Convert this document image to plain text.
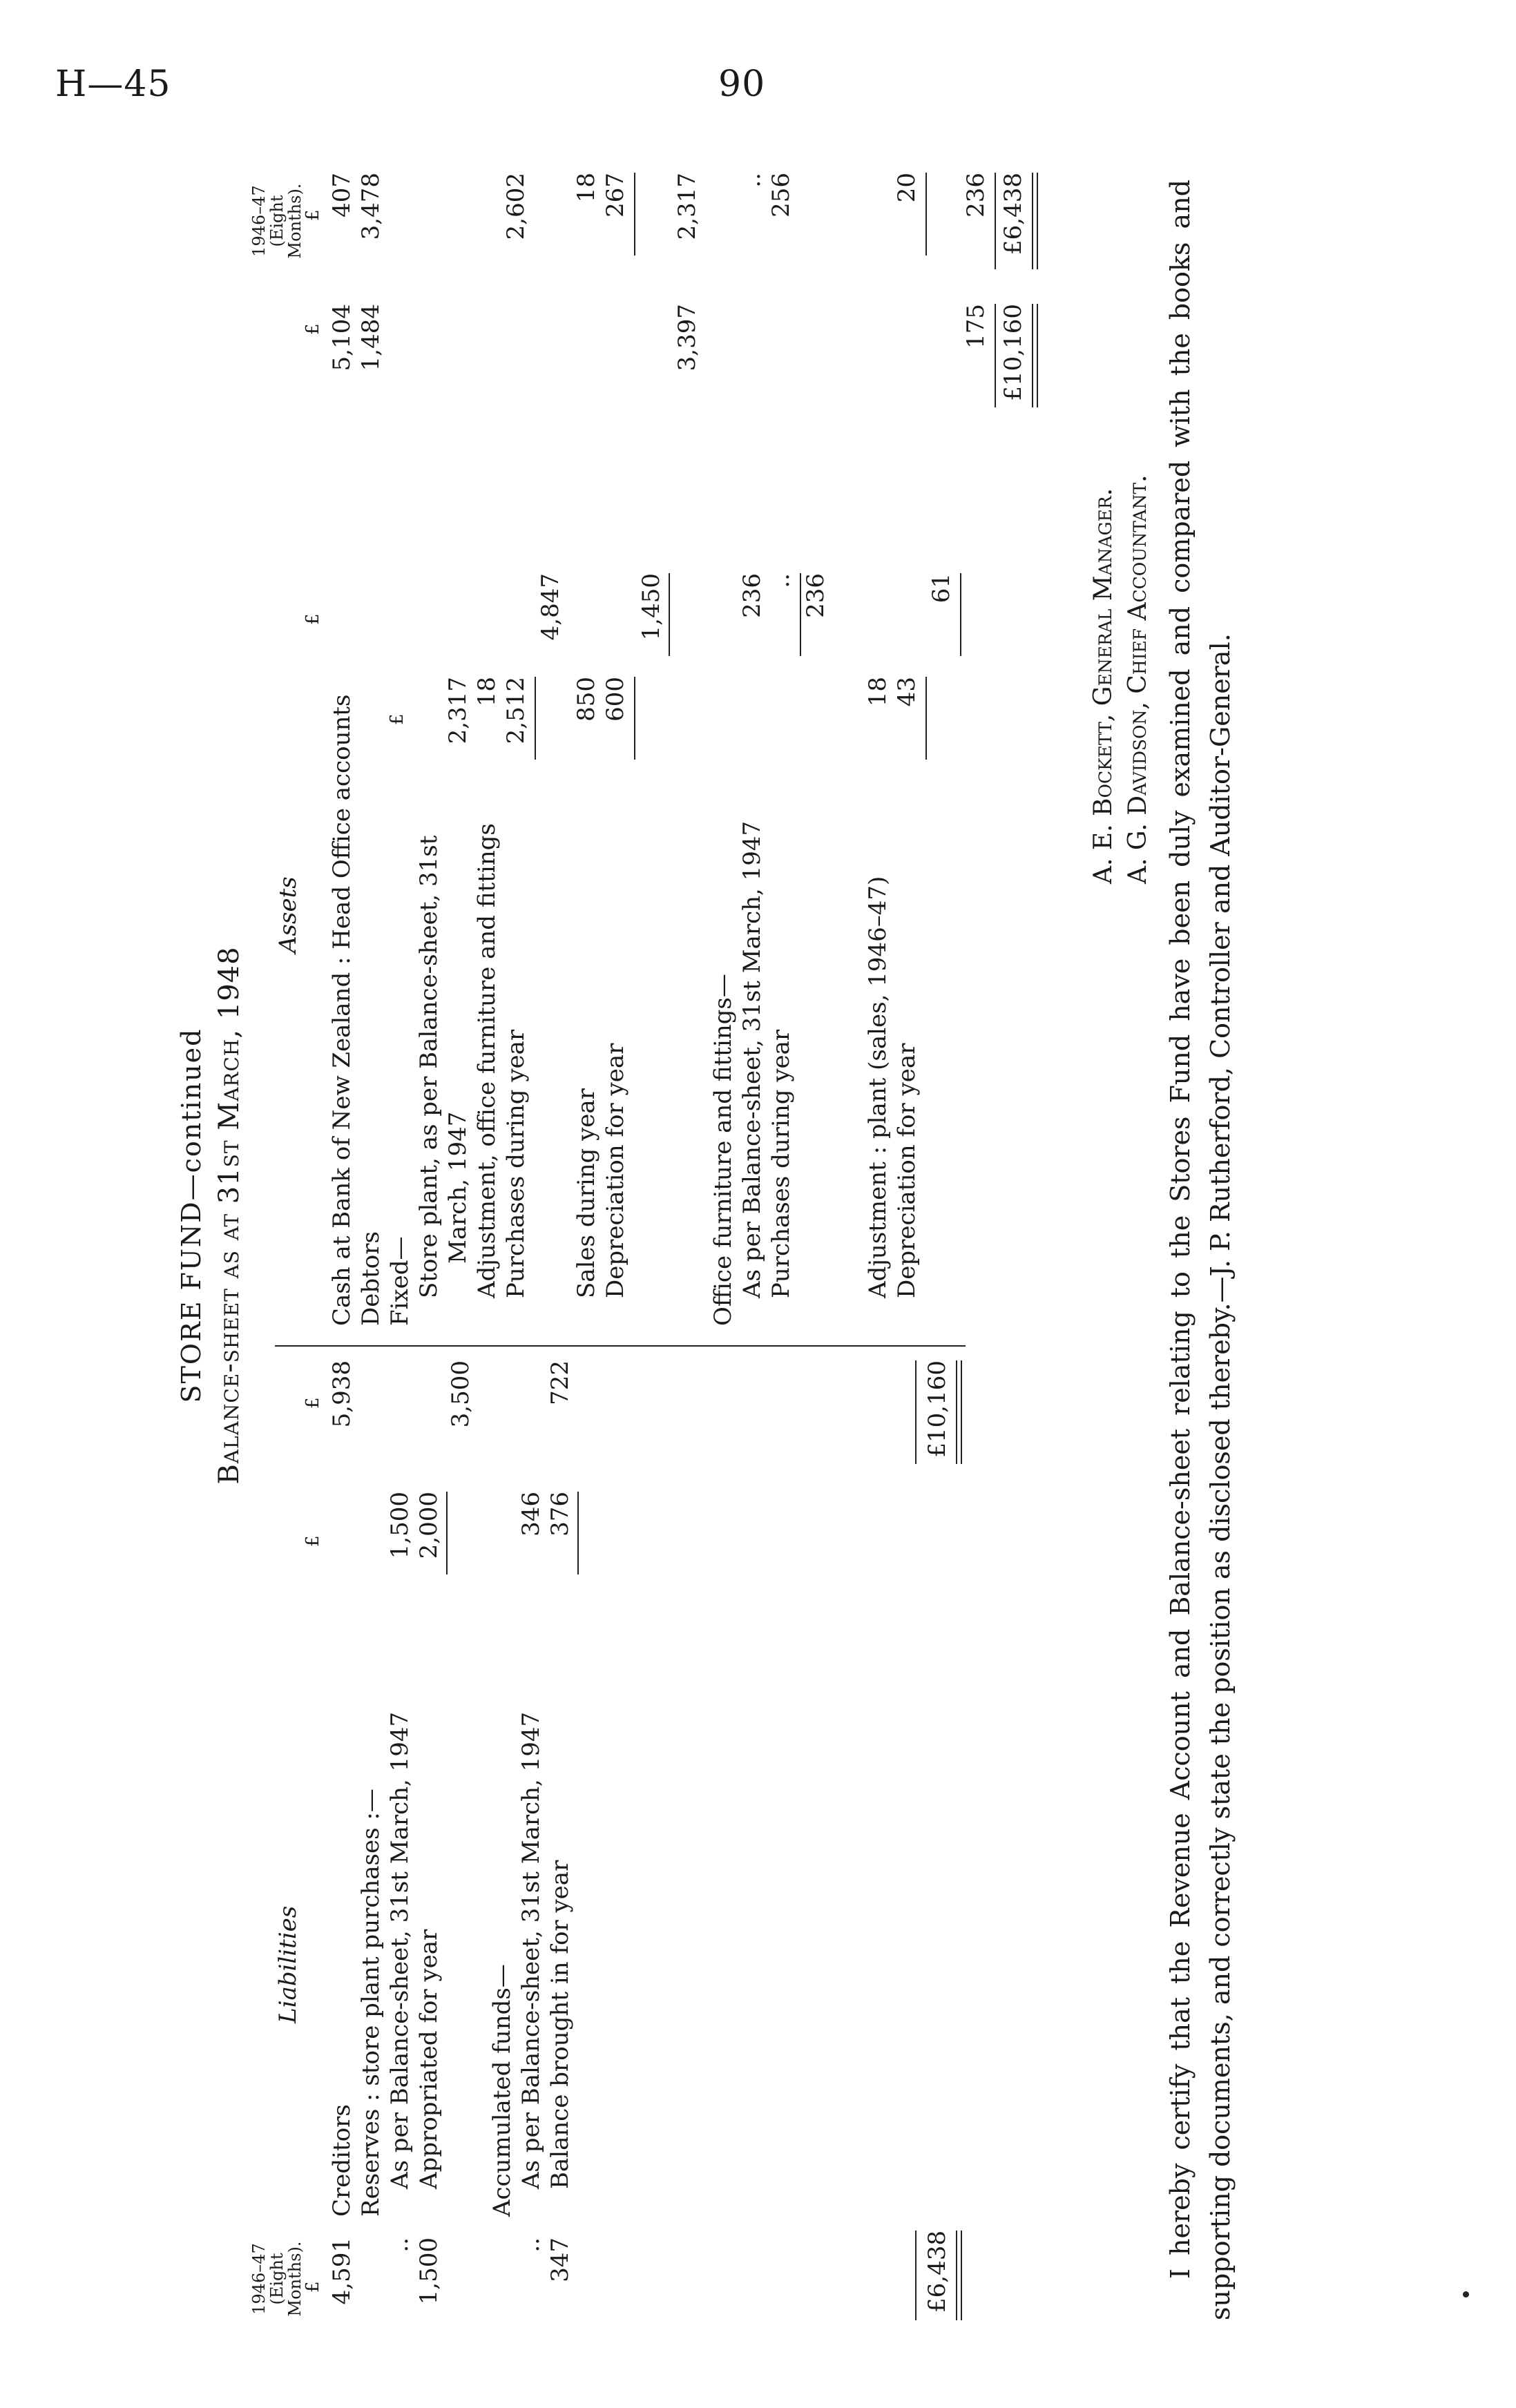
H—45	90
STORE FUND—continued Balance-sheet as at 31st March, 1948
1946–47 (Eight Months).
£
Liabilities
£
£
4,591
Creditors
5,938
Reserves : store plant purchases :—
..
As per Balance-sheet, 31st March, 1947
1,500
1,500
Appropriated for year
2,000
3,500
Accumulated funds—
..
As per Balance-sheet, 31st March, 1947
346
347
Balance brought in for year
376
722
£6,438
£10,160
Assets
1946–47 (Eight Months).
£
£
£
Cash at Bank of New Zealand : Head Office accounts
5,104
407
Debtors
1,484
3,478
Fixed—
£
Store plant, as per Balance-sheet, 31st March, 1947
2,317
Adjustment, office furniture and fittings
18
Purchases during year
2,512
4,847
2,602
Sales during year
850
18
Depreciation for year
600
1,450
267
3,397
2,317
Office furniture and fittings— As per Balance-sheet, 31st March, 1947
236
..
Purchases during year
..
256
236
Adjustment : plant (sales, 1946–47)
18
Depreciation for year
43
61
20
175
236
£10,160
£6,438
A. E. Bockett, General Manager. A. G. Davidson, Chief Accountant. I hereby certify that the Revenue Account and Balance-sheet relating to the Stores Fund have been duly examined and compared with the books and supporting documents, and correctly state the position as disclosed thereby.—J. P. Rutherford, Controller and Auditor-General.
